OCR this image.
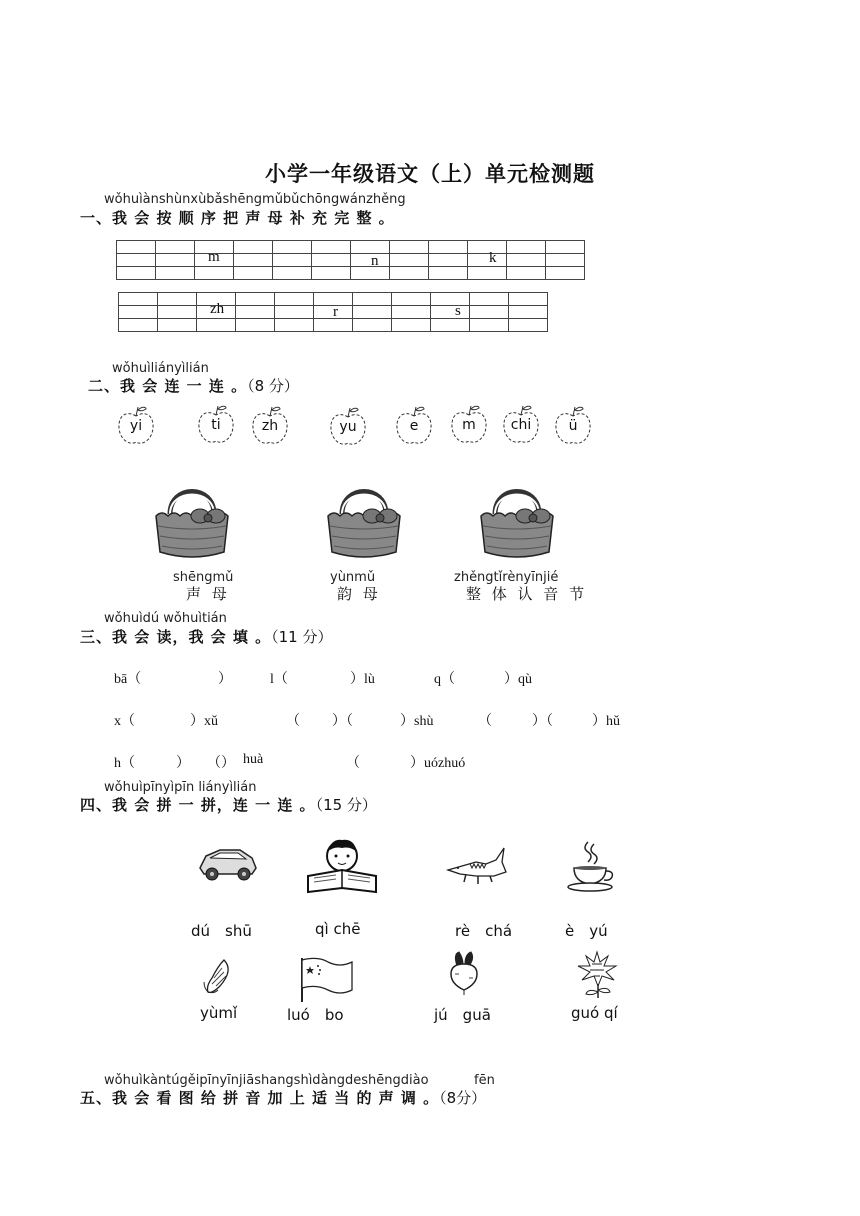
小学一年级语文（上）单元检测题
wǒhuìànshùnxùbǎshēngmǔbǔchōngwánzhěng
一、我 会 按 顺 序 把 声 母 补 充 完 整 。

m	n	k

zh	r	s
wǒhuìliányìlián
二、我 会 连 一 连 。（8 分）
yi	ti	zh	yu	e	m	chi	ü
shēngmǔ
声 母
yùnmǔ
韵 母
zhěngtǐrènyīnjié
整 体 认 音 节
wǒhuìdú wǒhuìtián
三、我 会 读，我 会 填 。（11 分）
bā（	）	l（	）lù	q（	）qù
x（	）xǔ	（ ）（	）shù	（	）（	）hǔ
h（	） （） huà	（	）uózhuó
wǒhuìpīnyìpīn liányìlián
四、我 会 拼 一 拼，连 一 连 。（15 分）
dú　shū	qì chē	rè　chá	è　yú
yùmǐ	luó　bo	jú　guā	guó qí
wǒhuìkàntúgěipīnyīnjiāshangshìdàngdeshēngdiào	fēn
五、我 会 看 图 给 拼 音 加 上 适 当 的 声 调 。（8分）
